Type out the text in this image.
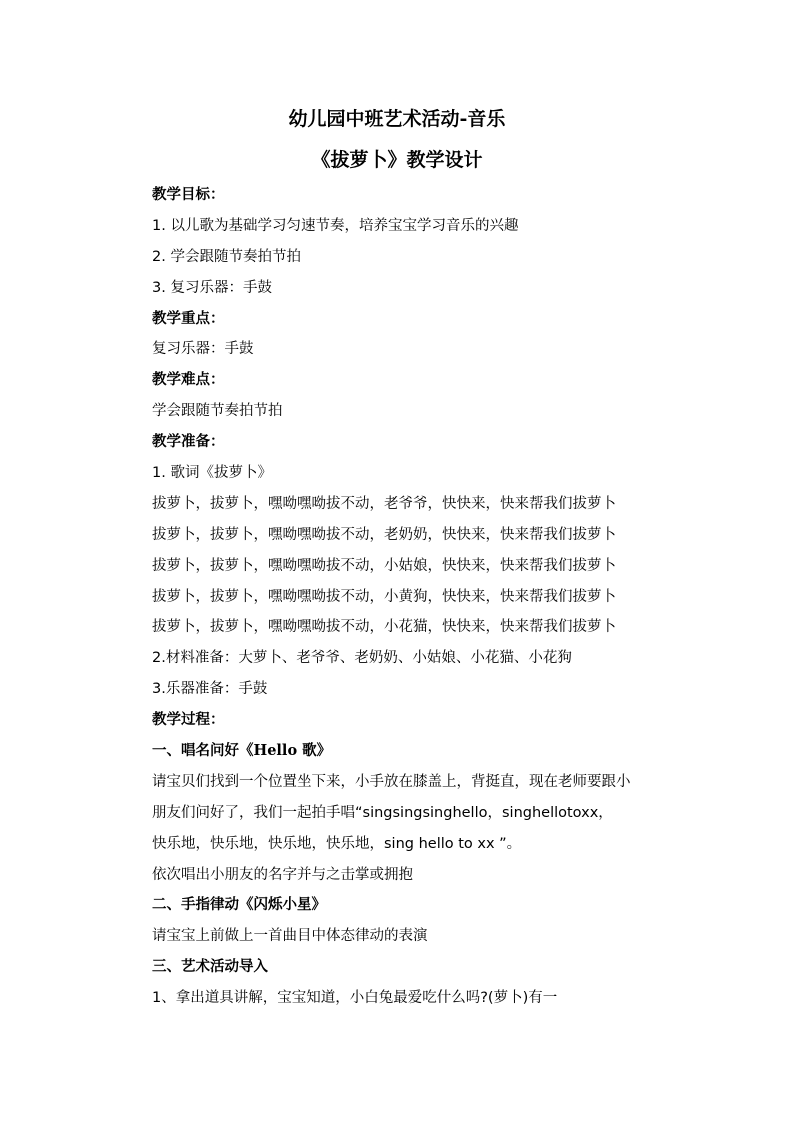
幼儿园中班艺术活动-音乐
《拔萝卜》教学设计
教学目标：
1. 以儿歌为基础学习匀速节奏，培养宝宝学习音乐的兴趣
2. 学会跟随节奏拍节拍
3. 复习乐器：手鼓
教学重点：
复习乐器：手鼓
教学难点：
学会跟随节奏拍节拍
教学准备：
1. 歌词《拔萝卜》
拔萝卜，拔萝卜，嘿呦嘿呦拔不动，老爷爷，快快来，快来帮我们拔萝卜
拔萝卜，拔萝卜，嘿呦嘿呦拔不动，老奶奶，快快来，快来帮我们拔萝卜
拔萝卜，拔萝卜，嘿呦嘿呦拔不动，小姑娘，快快来，快来帮我们拔萝卜
拔萝卜，拔萝卜，嘿呦嘿呦拔不动，小黄狗，快快来，快来帮我们拔萝卜
拔萝卜，拔萝卜，嘿呦嘿呦拔不动，小花猫，快快来，快来帮我们拔萝卜
2.材料准备：大萝卜、老爷爷、老奶奶、小姑娘、小花猫、小花狗
3.乐器准备：手鼓
教学过程：
一、唱名问好《Hello 歌》
请宝贝们找到一个位置坐下来，小手放在膝盖上，背挺直，现在老师要跟小
朋友们问好了，我们一起拍手唱“singsingsinghello，singhellotoxx，
快乐地，快乐地，快乐地，快乐地，sing hello to xx ”。
依次唱出小朋友的名字并与之击掌或拥抱
二、手指律动《闪烁小星》
请宝宝上前做上一首曲目中体态律动的表演
三、艺术活动导入
1、拿出道具讲解，宝宝知道，小白兔最爱吃什么吗?(萝卜)有一
